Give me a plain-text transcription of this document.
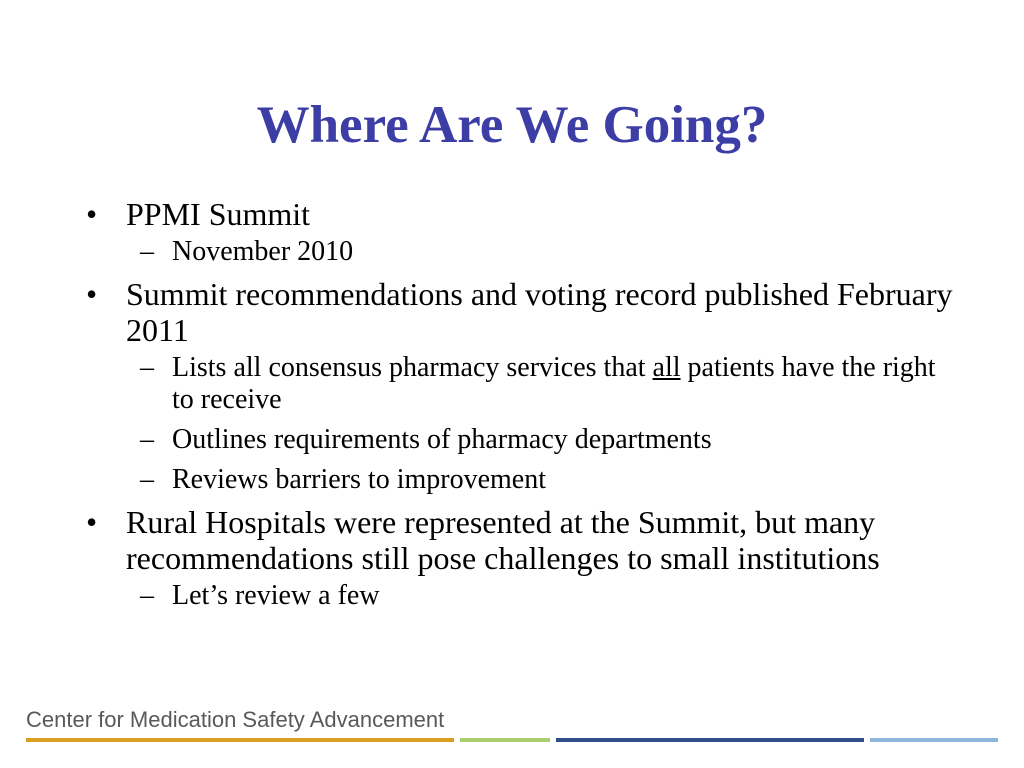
Where Are We Going?
• PPMI Summit
– November 2010
• Summit recommendations and voting record published February 2011
– Lists all consensus pharmacy services that all patients have the right to receive
– Outlines requirements of pharmacy departments
– Reviews barriers to improvement
• Rural Hospitals were represented at the Summit, but many recommendations still pose challenges to small institutions
– Let’s review a few

Center for Medication Safety Advancement
